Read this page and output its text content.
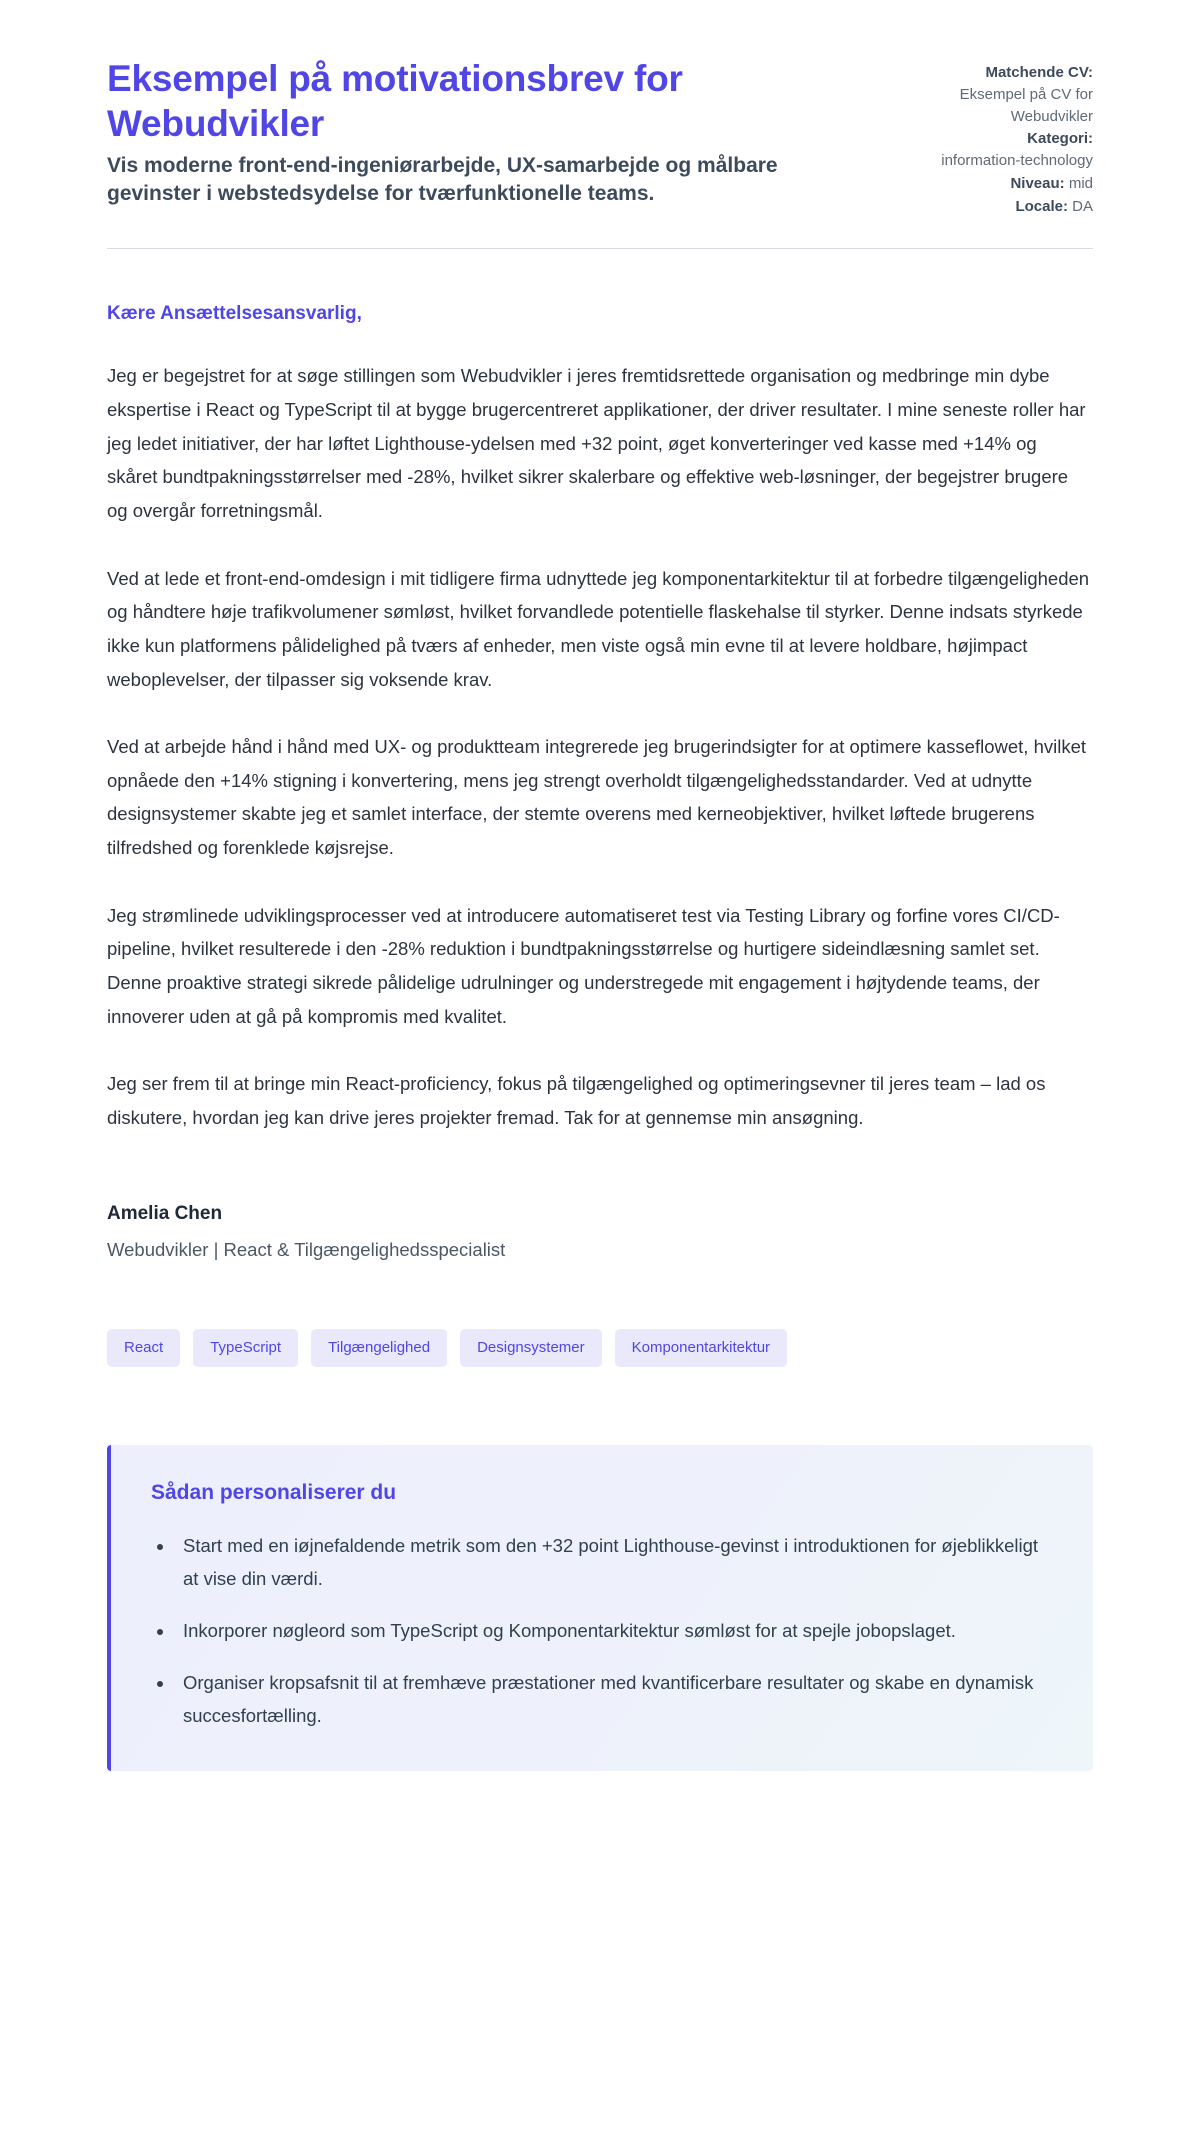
Eksempel på motivationsbrev for Webudvikler

Vis moderne front-end-ingeniørarbejde, UX-samarbejde og målbare gevinster i webstedsydelse for tværfunktionelle teams.

Matchende CV:
Eksempel på CV for Webudvikler
Kategori:
information-technology
Niveau: mid
Locale: DA

Kære Ansættelsesansvarlig,

Jeg er begejstret for at søge stillingen som Webudvikler i jeres fremtidsrettede organisation og medbringe min dybe ekspertise i React og TypeScript til at bygge brugercentreret applikationer, der driver resultater. I mine seneste roller har jeg ledet initiativer, der har løftet Lighthouse-ydelsen med +32 point, øget konverteringer ved kasse med +14% og skåret bundtpakningsstørrelser med -28%, hvilket sikrer skalerbare og effektive web-løsninger, der begejstrer brugere og overgår forretningsmål.

Ved at lede et front-end-omdesign i mit tidligere firma udnyttede jeg komponentarkitektur til at forbedre tilgængeligheden og håndtere høje trafikvolumener sømløst, hvilket forvandlede potentielle flaskehalse til styrker. Denne indsats styrkede ikke kun platformens pålidelighed på tværs af enheder, men viste også min evne til at levere holdbare, højimpact weboplevelser, der tilpasser sig voksende krav.

Ved at arbejde hånd i hånd med UX- og produktteam integrerede jeg brugerindsigter for at optimere kasseflowet, hvilket opnåede den +14% stigning i konvertering, mens jeg strengt overholdt tilgængelighedsstandarder. Ved at udnytte designsystemer skabte jeg et samlet interface, der stemte overens med kerneobjektiver, hvilket løftede brugerens tilfredshed og forenklede køjsrejse.

Jeg strømlinede udviklingsprocesser ved at introducere automatiseret test via Testing Library og forfine vores CI/CD-pipeline, hvilket resulterede i den -28% reduktion i bundtpakningsstørrelse og hurtigere sideindlæsning samlet set. Denne proaktive strategi sikrede pålidelige udrulninger og understregede mit engagement i højtydende teams, der innoverer uden at gå på kompromis med kvalitet.

Jeg ser frem til at bringe min React-proficiency, fokus på tilgængelighed og optimeringsevner til jeres team – lad os diskutere, hvordan jeg kan drive jeres projekter fremad. Tak for at gennemse min ansøgning.

Amelia Chen

Webudvikler | React & Tilgængelighedsspecialist

React	TypeScript	Tilgængelighed	Designsystemer	Komponentarkitektur
Sådan personaliserer du
• Start med en iøjnefaldende metrik som den +32 point Lighthouse-gevinst i introduktionen for øjeblikkeligt at vise din værdi.
• Inkorporer nøgleord som TypeScript og Komponentarkitektur sømløst for at spejle jobopslaget.
• Organiser kropsafsnit til at fremhæve præstationer med kvantificerbare resultater og skabe en dynamisk succesfortælling.
